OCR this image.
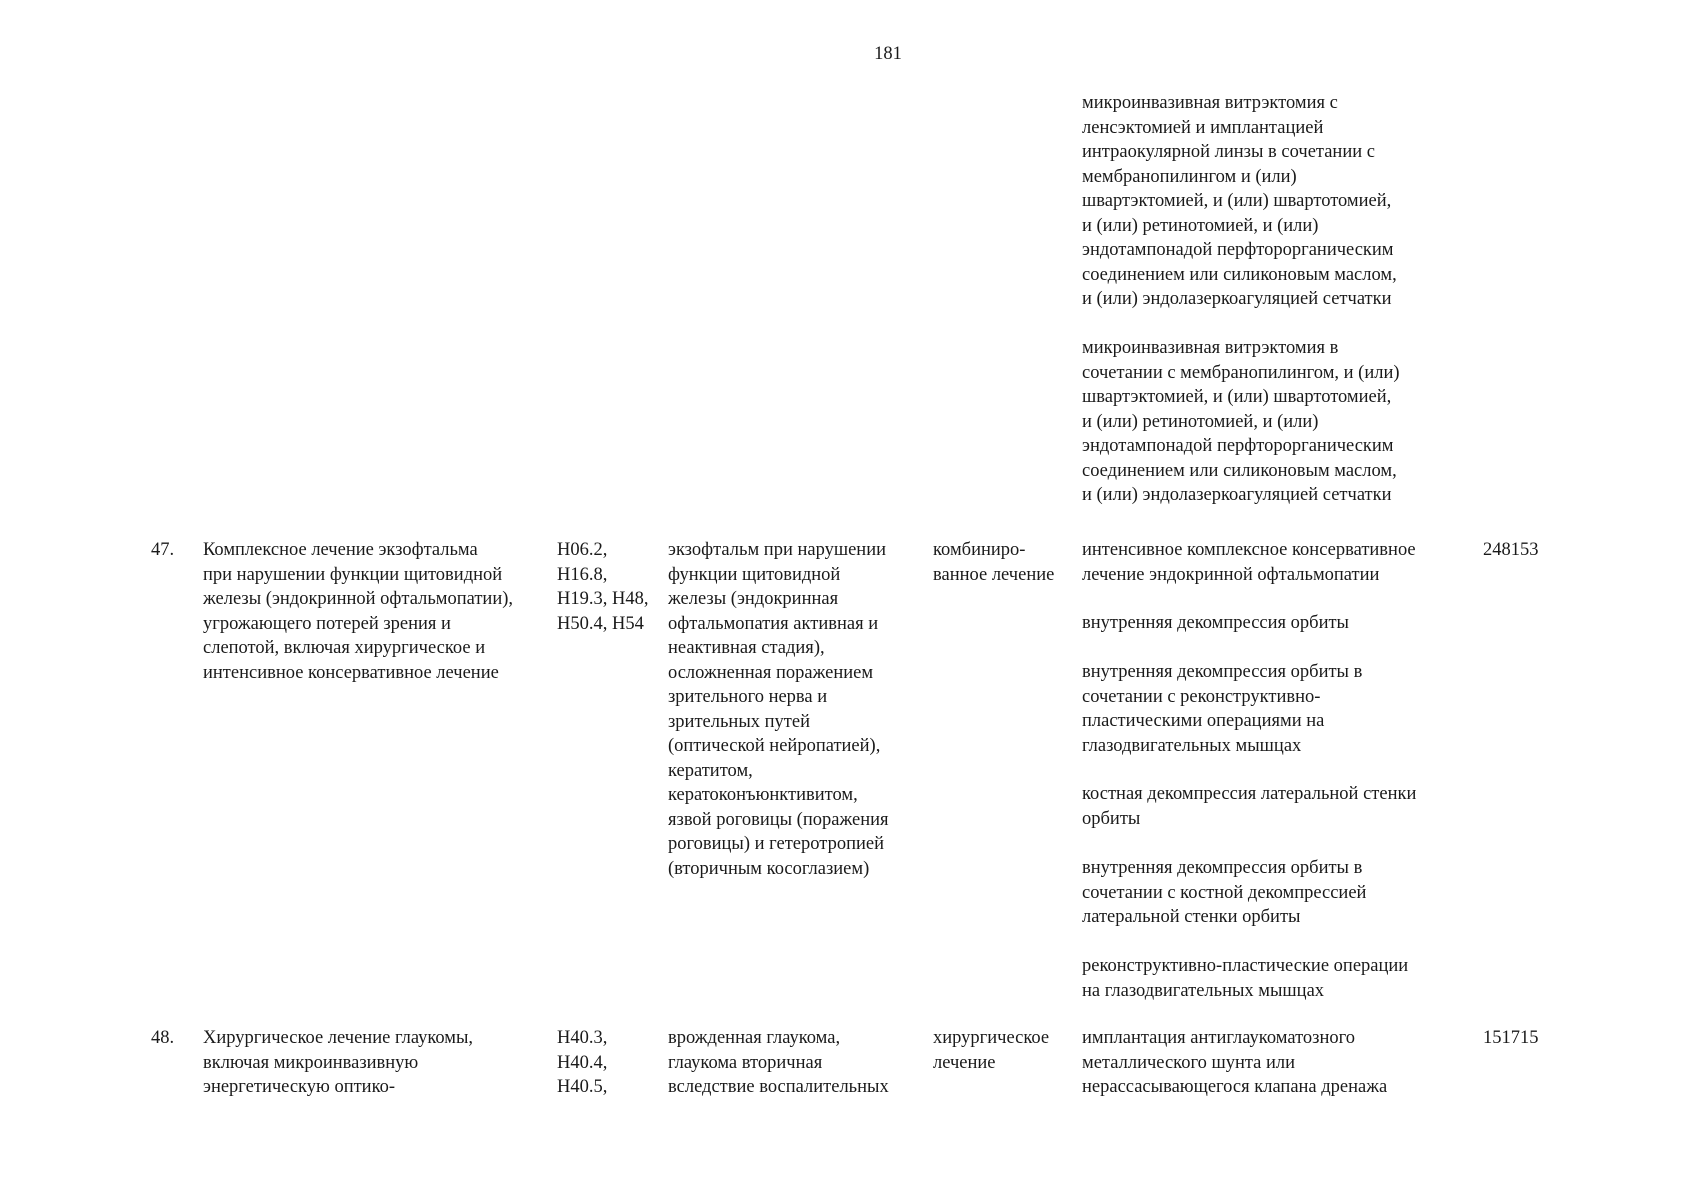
181

микроинвазивная витрэктомия с
ленсэктомией и имплантацией
интраокулярной линзы в сочетании с
мембранопилингом и (или)
швартэктомией, и (или) швартотомией,
и (или) ретинотомией, и (или)
эндотампонадой перфторорганическим
соединением или силиконовым маслом,
и (или) эндолазеркоагуляцией сетчатки

микроинвазивная витрэктомия в
сочетании с мембранопилингом, и (или)
швартэктомией, и (или) швартотомией,
и (или) ретинотомией, и (или)
эндотампонадой перфторорганическим
соединением или силиконовым маслом,
и (или) эндолазеркоагуляцией сетчатки

47. Комплексное лечение экзофтальма
при нарушении функции щитовидной
железы (эндокринной офтальмопатии),
угрожающего потерей зрения и
слепотой, включая хирургическое и
интенсивное консервативное лечение

H06.2,
H16.8,
H19.3, H48,
H50.4, H54

экзофтальм при нарушении
функции щитовидной
железы (эндокринная
офтальмопатия активная и
неактивная стадия),
осложненная поражением
зрительного нерва и
зрительных путей
(оптической нейропатией),
кератитом,
кератоконъюнктивитом,
язвой роговицы (поражения
роговицы) и гетеротропией
(вторичным косоглазием)

комбиниро-
ванное лечение

интенсивное комплексное консервативное
лечение эндокринной офтальмопатии

внутренняя декомпрессия орбиты

внутренняя декомпрессия орбиты в
сочетании с реконструктивно-
пластическими операциями на
глазодвигательных мышцах

костная декомпрессия латеральной стенки
орбиты

внутренняя декомпрессия орбиты в
сочетании с костной декомпрессией
латеральной стенки орбиты

реконструктивно-пластические операции
на глазодвигательных мышцах

248153

48. Хирургическое лечение глаукомы,
включая микроинвазивную
энергетическую оптико-

H40.3,
H40.4,
H40.5,

врожденная глаукома,
глаукома вторичная
вследствие воспалительных

хирургическое
лечение

имплантация антиглаукоматозного
металлического шунта или
нерассасывающегося клапана дренажа

151715
